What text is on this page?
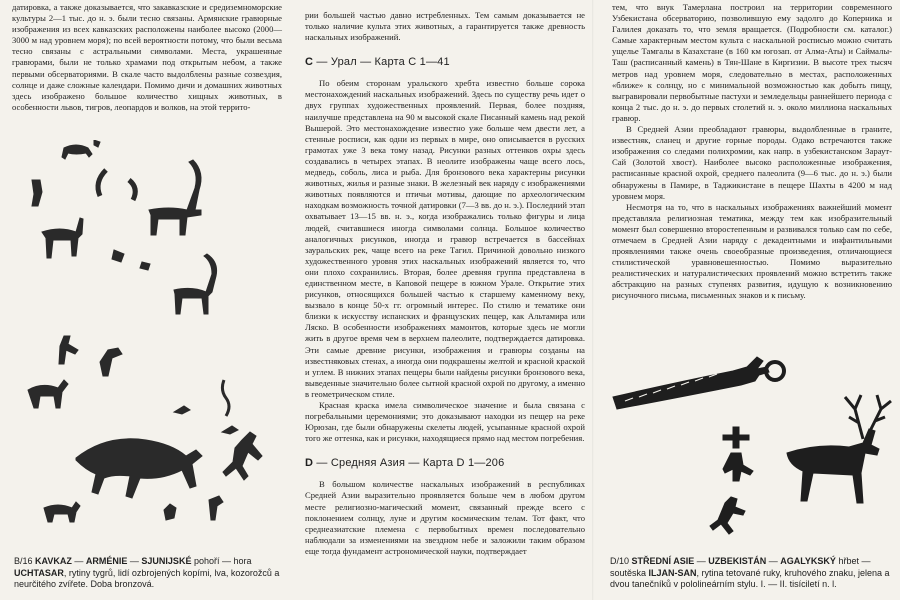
датировка, а также доказывается, что закавказские и средиземноморские культуры 2—1 тыс. до н. э. были тесно связаны. Армянские гравюрные изображения из всех кавказских расположены наиболее высоко (2000—3000 м над уровнем моря); по всей вероятности потому, что были весьма тесно связаны с астральными символами. Места, украшенные гравюрами, были не только храмами под открытым небом, а также первыми обсерваториями. В скале часто выдолблены разные созвездия, солнце и даже сложные календари. Помимо дичи и домашних животных здесь изображено большое количество хищных животных, в особенности львов, тигров, леопардов и волков, на этой террито-

B/16 KAVKAZ — ARMÉNIE — SJUNIJSKÉ pohoří — hora UCHTASAR, rytiny tygrů, lidí ozbrojených kopími, lva, kozorožců a neurčitého zvířete. Doba bronzová.

рии большей частью давно истребленных. Тем самым доказывается не только наличие культа этих животных, а гарантируется также древность наскальных изображений.

C — Урал — Карта C 1—41

По обеим сторонам уральского хребта известно больше сорока местонахождений наскальных изображений. Здесь по существу речь идет о двух группах художественных проявлений. Первая, более поздняя, наилучше представлена на 90 м высокой скале Писанный камень над рекой Вышерой. Это местонахождение известно уже больше чем двести лет, а стенные росписи, как одни из первых в мире, оно описывается в русских грамотах уже 3 века тому назад. Рисунки разных оттенков охры здесь создавались в четырех этапах. В неолите изображены чаще всего лось, медведь, соболь, лиса и рыба. Для бронзового века характерны рисунки животных, жилья и разные знаки. В железный век наряду с изображениями животных появляются и птичьи мотивы, дающие по археологическим находкам возможность точной датировки (7—3 вв. до н. э.). Последний этап охватывает 13—15 вв. н. э., когда изображались только фигуры и лица людей, считавшиеся иногда символами солнца. Большое количество аналогичных рисунков, иногда и гравюр встречается в бассейнах зауральских рек, чаще всего на реке Тагил. Причиной довольно низкого художественного уровня этих наскальных изображений является то, что они плохо сохранились. Вторая, более древняя группа представлена в единственном месте, в Каповой пещере в южном Урале. Открытие этих рисунков, относящихся большей частью к старшему каменному веку, вызвало в конце 50-х гг. огромный интерес. По стилю и тематике они близки к искусству испанских и французских пещер, как Альтамира или Ляско. В особенности изображениях мамонтов, которые здесь не могли жить в другое время чем в верхнем палеолите, подтверждается датировка. Эти самые древние рисунки, изображения и гравюры созданы на известняковых стенах, а иногда они подкрашены желтой и красной краской и углем. В нижних этапах пещеры были найдены рисунки бронзового века, выведенные значительно более сытной красной охрой по другому, а именно в геометрическом стиле.

Красная краска имела символическое значение и была связана с погребальными церемониями; это доказывают находки из пещер на реке Юрюзан, где были обнаружены скелеты людей, усыпанные красной охрой того же оттенка, как и рисунки, находящиеся прямо над местом погребения.

D — Средняя Азия — Карта D 1—206

В большом количестве наскальных изображений в республиках Средней Азии выразительно проявляется больше чем в любом другом месте религиозно-магический момент, связанный прежде всего с поклонением солнцу, луне и другим космическим телам. Тот факт, что среднеазиатские племена с первобытных времен последовательно наблюдали за изменениями на звездном небе и заложили таким образом еще тогда фундамент астрономической науки, подтверждает

тем, что внук Тамерлана построил на территории современного Узбекистана обсерваторию, позволившую ему задолго до Коперника и Галилея доказать то, что земля вращается. (Подробности см. каталог.) Самые характерным местом культа с наскальной росписью можно считать ущелье Тамгалы в Казахстане (в 160 км югозап. от Алма-Аты) и Саймалы-Таш (расписанный камень) в Тян-Шане в Киргизии. В высоте трех тысяч метров над уровнем моря, следовательно в местах, расположенных «ближе» к солнцу, но с минимальной возможностью как добыть пищу, выгравировали первобытные пастухи и земледельцы раннейшего периода с конца 2 тыс. до н. э. до первых столетий н. э. около миллиона наскальных гравюр.

В Средней Азии преобладают гравюры, выдолбленные в граните, известняк, сланец и другие горные породы. Одако встречаются также изображения со следами полихромии, как напр. в узбекистанском Зараут-Сай (Золотой хвост). Наиболее высоко расположенные изображения, расписанные красной охрой, среднего палеолита (9—6 тыс. до н. э.) были обнаружены в Памире, в Таджикистане в пещере Шахты в 4200 м над уровнем моря.

Несмотря на то, что в наскальных изображениях важнейший момент представляла религиозная тематика, между тем как изобразительный момент был совершенно второстепенным и развивался только сам по себе, отмечаем в Средней Азии наряду с декадентными и инфантильными проявлениями также очень своеобразные произведения, отличающиеся стилистической уравновешенностью. Помимо выразительно реалистических и натуралистических проявлений можно встретить также абстракцию на разных ступенях развития, идущую к возникновению рисуночного письма, письменных знаков и к письму.

D/10 STŘEDNÍ ASIE — UZBEKISTÁN — AGALYKSKÝ hřbet — soutěska ILJAN-SAN, rytina tetované ruky, kruhového znaku, jelena a dvou tanečníků v pololineárním stylu. I. — II. tisíciletí n. l.
